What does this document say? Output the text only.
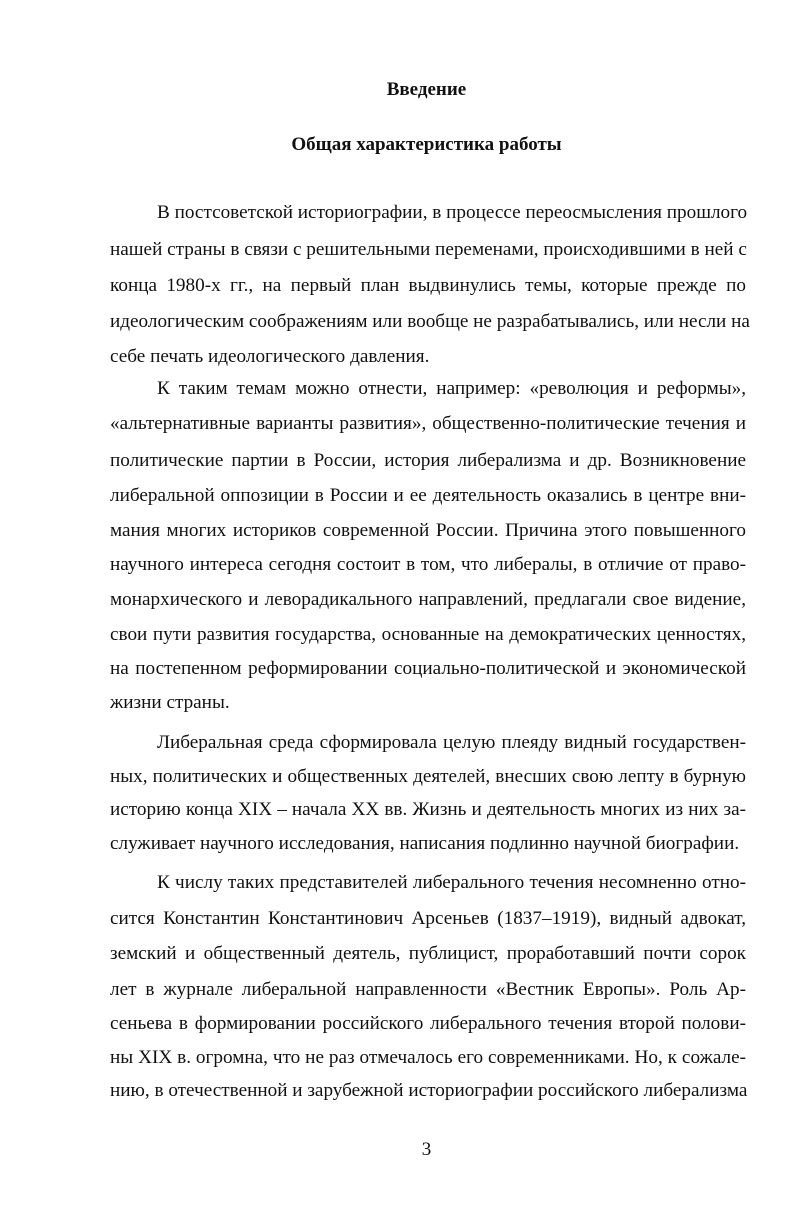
Введение
Общая характеристика работы

В постсоветской историографии, в процессе переосмысления прошлого

нашей страны в связи с решительными переменами, происходившими в ней с

конца 1980-х гг., на первый план выдвинулись темы, которые прежде по

идеологическим соображениям или вообще не разрабатывались, или несли на

себе печать идеологического давления.

К таким темам можно отнести, например: «революция и реформы»,

«альтернативные варианты развития», общественно-политические течения и

политические партии в России, история либерализма и др. Возникновение

либеральной оппозиции в России и ее деятельность оказались в центре вни-

мания многих историков современной России. Причина этого повышенного

научного интереса сегодня состоит в том, что либералы, в отличие от право-

монархического и леворадикального направлений, предлагали свое видение,

свои пути развития государства, основанные на демократических ценностях,

на постепенном реформировании социально-политической и экономической

жизни страны.

Либеральная среда сформировала целую плеяду видный государствен-

ных, политических и общественных деятелей, внесших свою лепту в бурную

историю конца XIX – начала XX вв. Жизнь и деятельность многих из них за-

служивает научного исследования, написания подлинно научной биографии.

К числу таких представителей либерального течения несомненно отно-

сится Константин Константинович Арсеньев (1837–1919), видный адвокат,

земский и общественный деятель, публицист, проработавший почти сорок

лет в журнале либеральной направленности «Вестник Европы». Роль Ар-

сеньева в формировании российского либерального течения второй полови-

ны XIX в. огромна, что не раз отмечалось его современниками. Но, к сожале-

нию, в отечественной и зарубежной историографии российского либерализма

3
